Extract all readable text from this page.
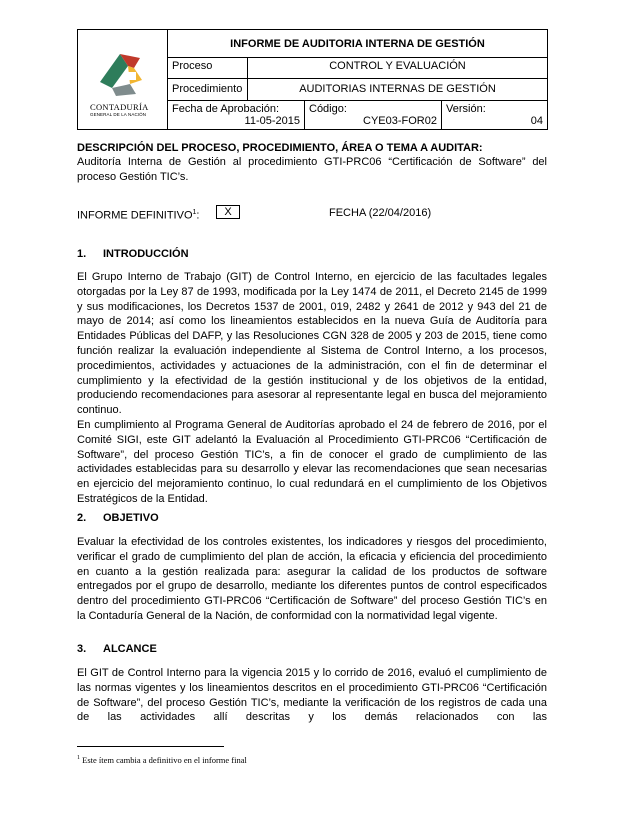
CONTADURÍA
GENERAL DE LA NACIÓN
INFORME DE AUDITORIA INTERNA DE GESTIÓN
Proceso	CONTROL Y EVALUACIÓN
Procedimiento	AUDITORIAS INTERNAS DE GESTIÓN
Fecha de Aprobación:
11-05-2015
Código:
CYE03-FOR02
Versión:
04
DESCRIPCIÓN DEL PROCESO, PROCEDIMIENTO, ÁREA O TEMA A AUDITAR:
Auditoría Interna de Gestión al procedimiento GTI-PRC06 “Certificación de Software” del proceso Gestión TIC’s.
INFORME DEFINITIVO$^1$:	X	FECHA (22/04/2016)
1. INTRODUCCIÓN
El Grupo Interno de Trabajo (GIT) de Control Interno, en ejercicio de las facultades legales otorgadas por la Ley 87 de 1993, modificada por la Ley 1474 de 2011, el Decreto 2145 de 1999 y sus modificaciones, los Decretos 1537 de 2001, 019, 2482 y 2641 de 2012 y 943 del 21 de mayo de 2014; así como los lineamientos establecidos en la nueva Guía de Auditoría para Entidades Públicas del DAFP, y las Resoluciones CGN 328 de 2005 y 203 de 2015, tiene como función realizar la evaluación independiente al Sistema de Control Interno, a los procesos, procedimientos, actividades y actuaciones de la administración, con el fin de determinar el cumplimiento y la efectividad de la gestión institucional y de los objetivos de la entidad, produciendo recomendaciones para asesorar al representante legal en busca del mejoramiento continuo.
En cumplimiento al Programa General de Auditorías aprobado el 24 de febrero de 2016, por el Comité SIGI, este GIT adelantó la Evaluación al Procedimiento GTI-PRC06 “Certificación de Software”, del proceso Gestión TIC’s, a fin de conocer el grado de cumplimiento de las actividades establecidas para su desarrollo y elevar las recomendaciones que sean necesarias en ejercicio del mejoramiento continuo, lo cual redundará en el cumplimiento de los Objetivos Estratégicos de la Entidad.
2. OBJETIVO
Evaluar la efectividad de los controles existentes, los indicadores y riesgos del procedimiento, verificar el grado de cumplimiento del plan de acción, la eficacia y eficiencia del procedimiento en cuanto a la gestión realizada para: asegurar la calidad de los productos de software entregados por el grupo de desarrollo, mediante los diferentes puntos de control especificados dentro del procedimiento GTI-PRC06 “Certificación de Software” del proceso Gestión TIC’s en la Contaduría General de la Nación, de conformidad con la normatividad legal vigente.
3. ALCANCE
El GIT de Control Interno para la vigencia 2015 y lo corrido de 2016, evaluó el cumplimiento de las normas vigentes y los lineamientos descritos en el procedimiento GTI-PRC06 “Certificación de Software”, del proceso Gestión TIC’s, mediante la verificación de los registros de cada una de las actividades allí descritas y los demás relacionados con las
$^1$ Este ítem cambia a definitivo en el informe final
